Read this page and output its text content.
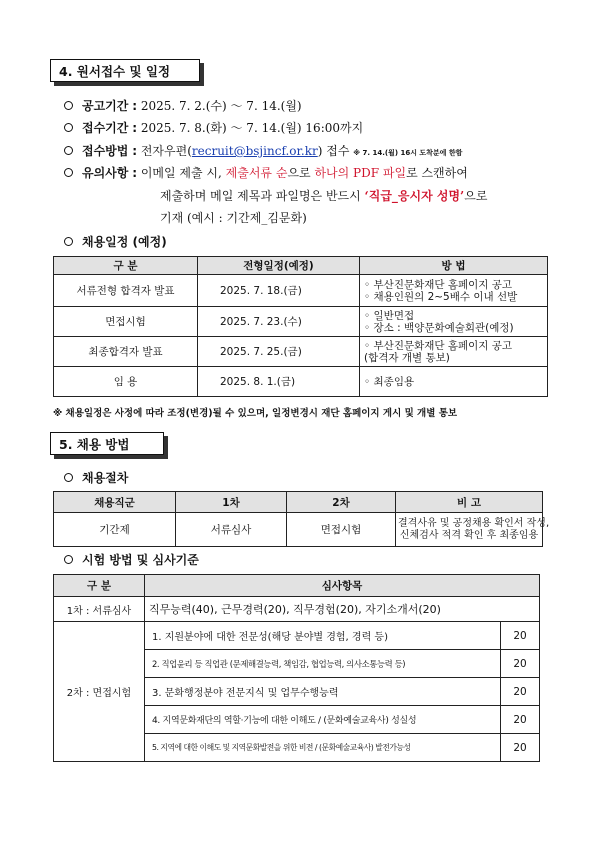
4. 원서접수 및 일정
공고기간 : 2025. 7. 2.(수) ～ 7. 14.(월)
접수기간 : 2025. 7. 8.(화) ～ 7. 14.(월) 16:00까지
접수방법 : 전자우편(recruit@bsjincf.or.kr) 접수 ※ 7. 14.(월) 16시 도착분에 한함
유의사항 : 이메일 제출 시, 제출서류 순으로 하나의 PDF 파일로 스캔하여
제출하며 메일 제목과 파일명은 반드시 ‘직급_응시자 성명’으로
기재 (예시 : 기간제_김문화)
채용일정 (예정)
구 분	전형일정(예정)	방 법
서류전형 합격자 발표	2025. 7. 18.(금)	◦ 부산진문화재단 홈페이지 공고
◦ 채용인원의 2~5배수 이내 선발

면접시험	2025. 7. 23.(수)	◦ 일반면접
◦ 장소 : 백양문화예술회관(예정)

최종합격자 발표	2025. 7. 25.(금)	◦ 부산진문화재단 홈페이지 공고
(합격자 개별 통보)

임 용	2025. 8. 1.(금)	◦ 최종임용
※ 채용일정은 사정에 따라 조정(변경)될 수 있으며, 일정변경시 재단 홈페이지 게시 및 개별 통보
5. 채용 방법
채용절차
채용직군	1차	2차	비 고
기간제	서류심사	면접시험	결격사유 및 공정채용 확인서 작성,
신체검사 적격 확인 후 최종임용
시험 방법 및 심사기준
구 분	심사항목	
1차 : 서류심사	직무능력(40), 근무경력(20), 직무경험(20), 자기소개서(20)	
2차 : 면접시험	1. 지원분야에 대한 전문성(해당 분야별 경험, 경력 등)	20
	2. 직업윤리 등 직업관 (문제해결능력, 책임감, 협업능력, 의사소통능력 등)	20
	3. 문화행정분야 전문지식 및 업무수행능력	20
	4. 지역문화재단의 역할·기능에 대한 이해도 / (문화예술교육사) 성실성	20
	5. 지역에 대한 이해도 및 지역문화발전을 위한 비전 / (문화예술교육사) 발전가능성	20
